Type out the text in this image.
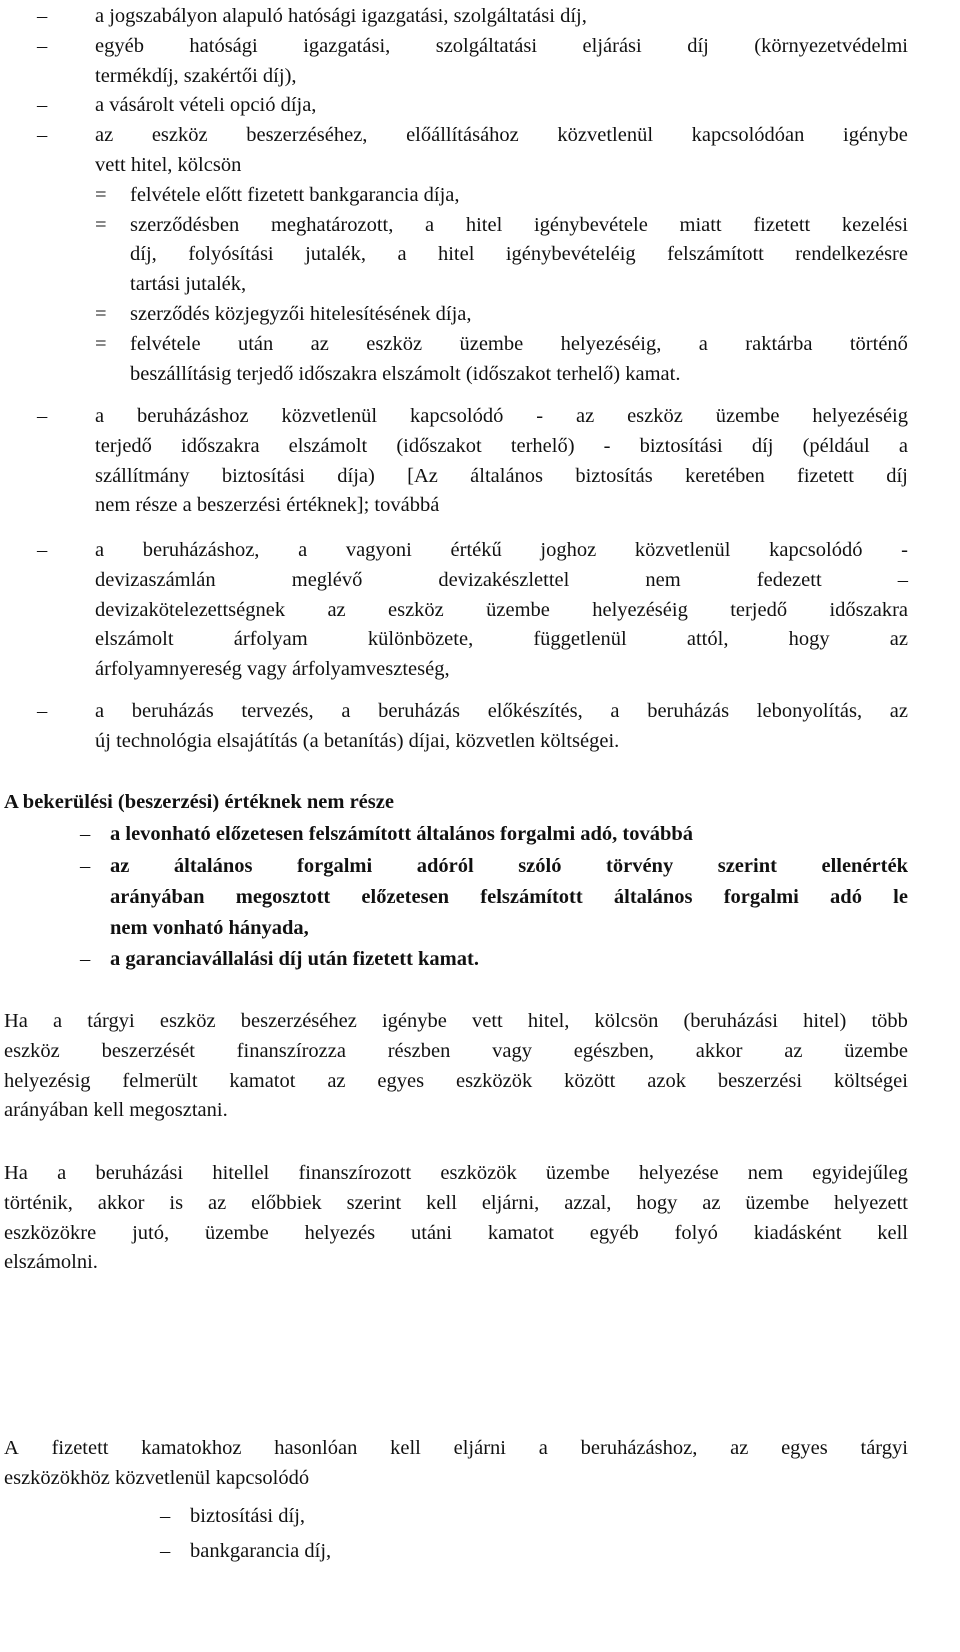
– a jogszabályon alapuló hatósági igazgatási, szolgáltatási díj,
– egyéb hatósági igazgatási, szolgáltatási eljárási díj (környezetvédelmi
termékdíj, szakértői díj),
– a vásárolt vételi opció díja,
– az eszköz beszerzéséhez, előállításához közvetlenül kapcsolódóan igénybe
vett hitel, kölcsön
= felvétele előtt fizetett bankgarancia díja,
= szerződésben meghatározott, a hitel igénybevétele miatt fizetett kezelési
díj, folyósítási jutalék, a hitel igénybevételéig felszámított rendelkezésre
tartási jutalék,
= szerződés közjegyzői hitelesítésének díja,
= felvétele után az eszköz üzembe helyezéséig, a raktárba történő
beszállításig terjedő időszakra elszámolt (időszakot terhelő) kamat.
– a beruházáshoz közvetlenül kapcsolódó - az eszköz üzembe helyezéséig
terjedő időszakra elszámolt (időszakot terhelő) - biztosítási díj (például a
szállítmány biztosítási díja) [Az általános biztosítás keretében fizetett díj
nem része a beszerzési értéknek]; továbbá
– a beruházáshoz, a vagyoni értékű joghoz közvetlenül kapcsolódó -
devizaszámlán	meglévő	devizakészlettel	nem	fedezett	–
devizakötelezettségnek az eszköz üzembe helyezéséig terjedő időszakra
elszámolt	árfolyam	különbözete,	függetlenül	attól,	hogy	az
árfolyamnyereség vagy árfolyamveszteség,
– a beruházás tervezés, a beruházás előkészítés, a beruházás lebonyolítás, az
új technológia elsajátítás (a betanítás) díjai, közvetlen költségei.
A bekerülési (beszerzési) értéknek nem része
– a levonható előzetesen felszámított általános forgalmi adó, továbbá
– az általános forgalmi adóról szóló törvény szerint ellenérték
arányában megosztott előzetesen felszámított általános forgalmi adó le
nem vonható hányada,
– a garanciavállalási díj után fizetett kamat.
Ha a tárgyi eszköz beszerzéséhez igénybe vett hitel, kölcsön (beruházási hitel) több
eszköz beszerzését finanszírozza részben vagy egészben, akkor az üzembe
helyezésig felmerült kamatot az egyes eszközök között azok beszerzési költségei
arányában kell megosztani.
Ha a beruházási hitellel finanszírozott eszközök üzembe helyezése nem egyidejűleg
történik, akkor is az előbbiek szerint kell eljárni, azzal, hogy az üzembe helyezett
eszközökre jutó, üzembe helyezés utáni kamatot egyéb folyó kiadásként kell
elszámolni.
A fizetett kamatokhoz hasonlóan kell eljárni a beruházáshoz, az egyes tárgyi
eszközökhöz közvetlenül kapcsolódó
– biztosítási díj,
– bankgarancia díj,
